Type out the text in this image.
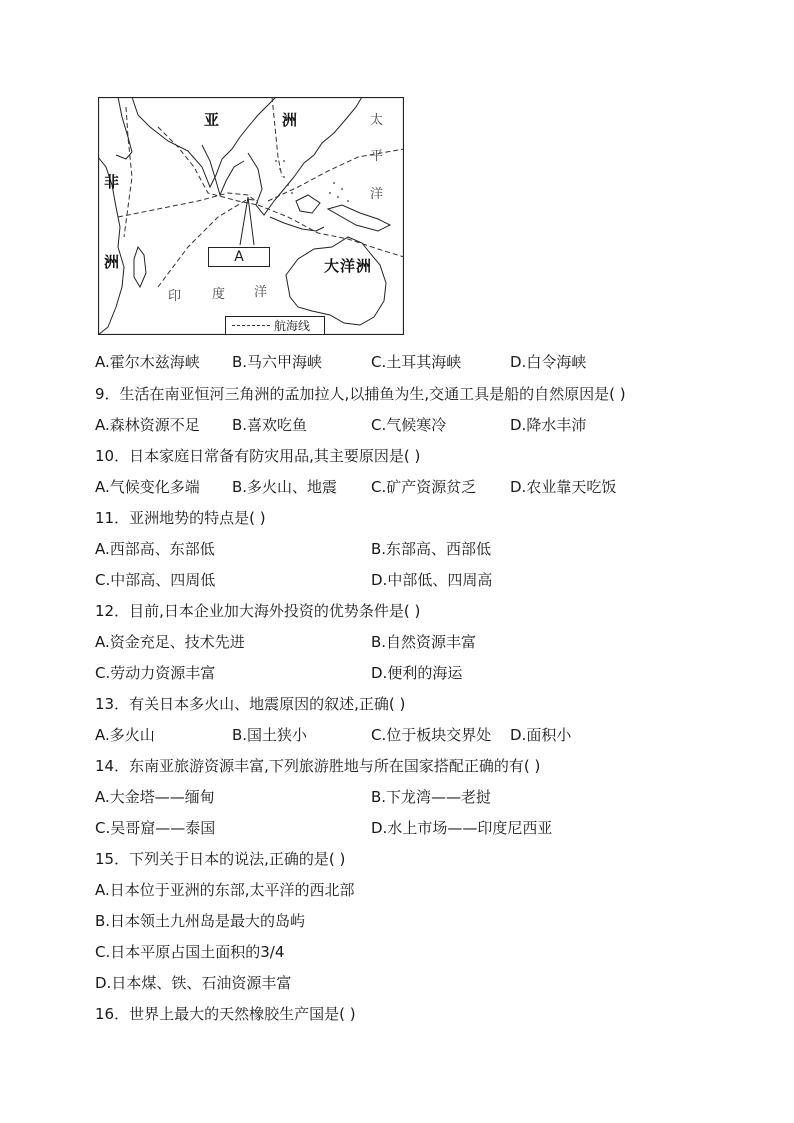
亚	洲
非
洲	大洋洲
太
平
洋
印 度 洋
A
航海线
A.霍尔木兹海峡 B.马六甲海峡	C.土耳其海峡	D.白令海峡
9．生活在南亚恒河三角洲的孟加拉人,以捕鱼为生,交通工具是船的自然原因是( )
A.森林资源不足 B.喜欢吃鱼	C.气候寒冷	D.降水丰沛
10．日本家庭日常备有防灾用品,其主要原因是( )
A.气候变化多端 B.多火山、地震 C.矿产资源贫乏 D.农业靠天吃饭
11．亚洲地势的特点是( )
A.西部高、东部低	B.东部高、西部低
C.中部高、四周低	D.中部低、四周高
12．目前,日本企业加大海外投资的优势条件是( )
A.资金充足、技术先进	B.自然资源丰富
C.劳动力资源丰富	D.便利的海运
13．有关日本多火山、地震原因的叙述,正确( )
A.多火山	B.国土狭小	C.位于板块交界处 D.面积小
14．东南亚旅游资源丰富,下列旅游胜地与所在国家搭配正确的有( )
A.大金塔——缅甸	B.下龙湾——老挝
C.吴哥窟——泰国	D.水上市场——印度尼西亚
15．下列关于日本的说法,正确的是( )
A.日本位于亚洲的东部,太平洋的西北部
B.日本领土九州岛是最大的岛屿
C.日本平原占国土面积的3/4
D.日本煤、铁、石油资源丰富
16．世界上最大的天然橡胶生产国是( )
